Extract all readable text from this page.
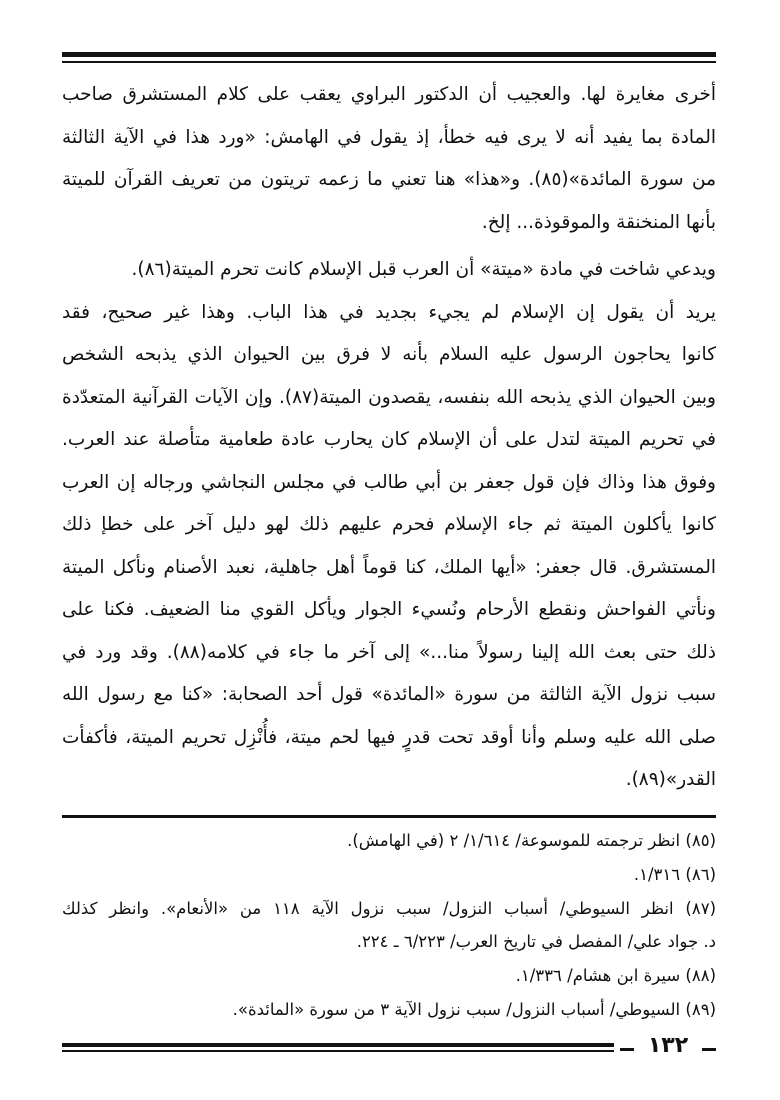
أخرى مغايرة لها. والعجيب أن الدكتور البراوي يعقب على كلام المستشرق صاحب
المادة بما يفيد أنه لا يرى فيه خطأ، إذ يقول في الهامش: «ورد هذا في الآية الثالثة
من سورة المائدة»(٨٥). و«هذا» هنا تعني ما زعمه تريتون من تعريف القرآن للميتة
بأنها المنخنقة والموقوذة... إلخ.
ويدعي شاخت في مادة «ميتة» أن العرب قبل الإسلام كانت تحرم الميتة(٨٦).
يريد أن يقول إن الإسلام لم يجيء بجديد في هذا الباب. وهذا غير صحيح، فقد
كانوا يحاجون الرسول عليه السلام بأنه لا فرق بين الحيوان الذي يذبحه الشخص
وبين الحيوان الذي يذبحه الله بنفسه، يقصدون الميتة(٨٧). وإن الآيات القرآنية المتعدّدة
في تحريم الميتة لتدل على أن الإسلام كان يحارب عادة طعامية متأصلة عند العرب.
وفوق هذا وذاك فإن قول جعفر بن أبي طالب في مجلس النجاشي ورجاله إن العرب
كانوا يأكلون الميتة ثم جاء الإسلام فحرم عليهم ذلك لهو دليل آخر على خطإ ذلك
المستشرق. قال جعفر: «أيها الملك، كنا قوماً أهل جاهلية، نعبد الأصنام ونأكل الميتة
ونأتي الفواحش ونقطع الأرحام ونُسيء الجوار ويأكل القوي منا الضعيف. فكنا على
ذلك حتى بعث الله إلينا رسولاً منا...» إلى آخر ما جاء في كلامه(٨٨). وقد ورد في
سبب نزول الآية الثالثة من سورة «المائدة» قول أحد الصحابة: «كنا مع رسول الله
صلى الله عليه وسلم وأنا أوقد تحت قدرٍ فيها لحم ميتة، فأُنْزِل تحريم الميتة، فأكفأت
القدر»(٨٩).
(٨٥) انظر ترجمته للموسوعة/ ١/٦١٤/ ٢ (في الهامش).
(٨٦) ١/٣١٦.
(٨٧) انظر السيوطي/ أسباب النزول/ سبب نزول الآية ١١٨ من «الأنعام». وانظر كذلك
د. جواد علي/ المفصل في تاريخ العرب/ ٦/٢٢٣ ـ ٢٢٤.
(٨٨) سيرة ابن هشام/ ١/٣٣٦.
(٨٩) السيوطي/ أسباب النزول/ سبب نزول الآية ٣ من سورة «المائدة».
١٣٢
